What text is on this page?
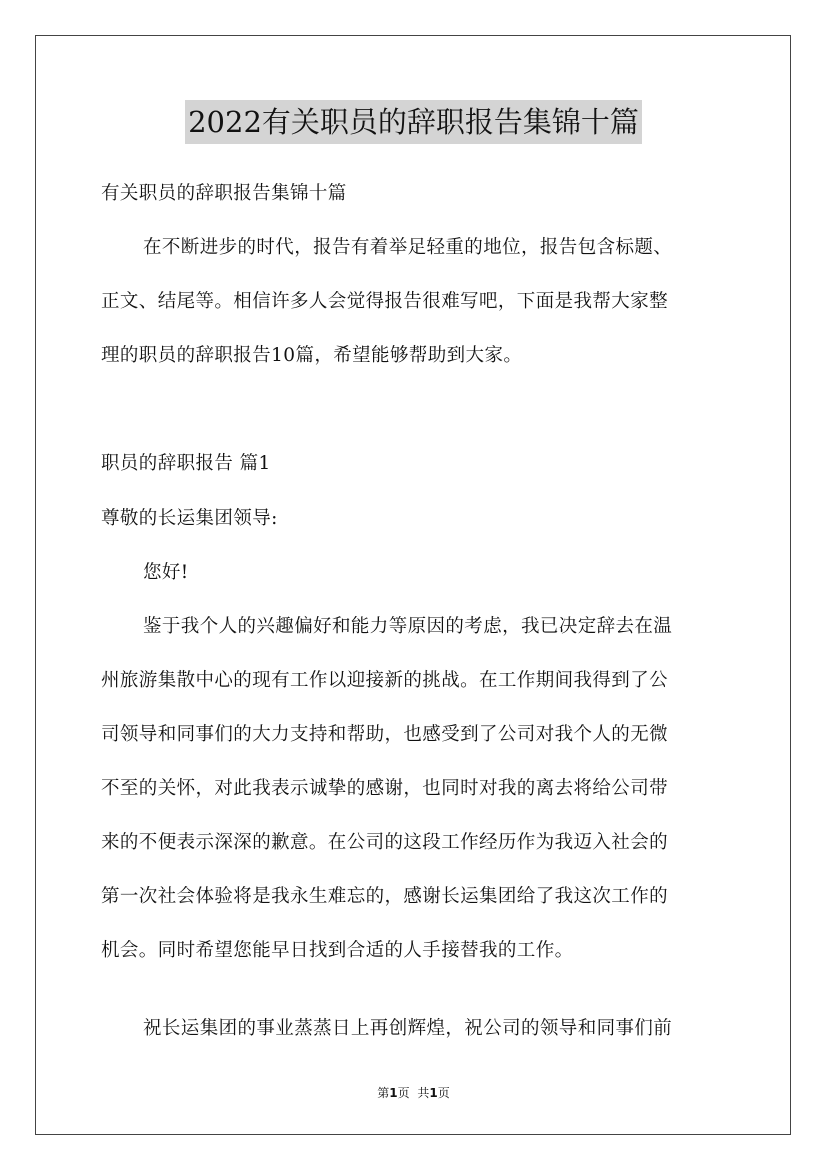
2022有关职员的辞职报告集锦十篇
有关职员的辞职报告集锦十篇
在不断进步的时代，报告有着举足轻重的地位，报告包含标题、
正文、结尾等。相信许多人会觉得报告很难写吧，下面是我帮大家整
理的职员的辞职报告10篇，希望能够帮助到大家。
职员的辞职报告 篇1
尊敬的长运集团领导:
您好!
鉴于我个人的兴趣偏好和能力等原因的考虑，我已决定辞去在温
州旅游集散中心的现有工作以迎接新的挑战。在工作期间我得到了公
司领导和同事们的大力支持和帮助，也感受到了公司对我个人的无微
不至的关怀，对此我表示诚挚的感谢，也同时对我的离去将给公司带
来的不便表示深深的歉意。在公司的这段工作经历作为我迈入社会的
第一次社会体验将是我永生难忘的，感谢长运集团给了我这次工作的
机会。同时希望您能早日找到合适的人手接替我的工作。
祝长运集团的事业蒸蒸日上再创辉煌，祝公司的领导和同事们前
第1页 共1页
